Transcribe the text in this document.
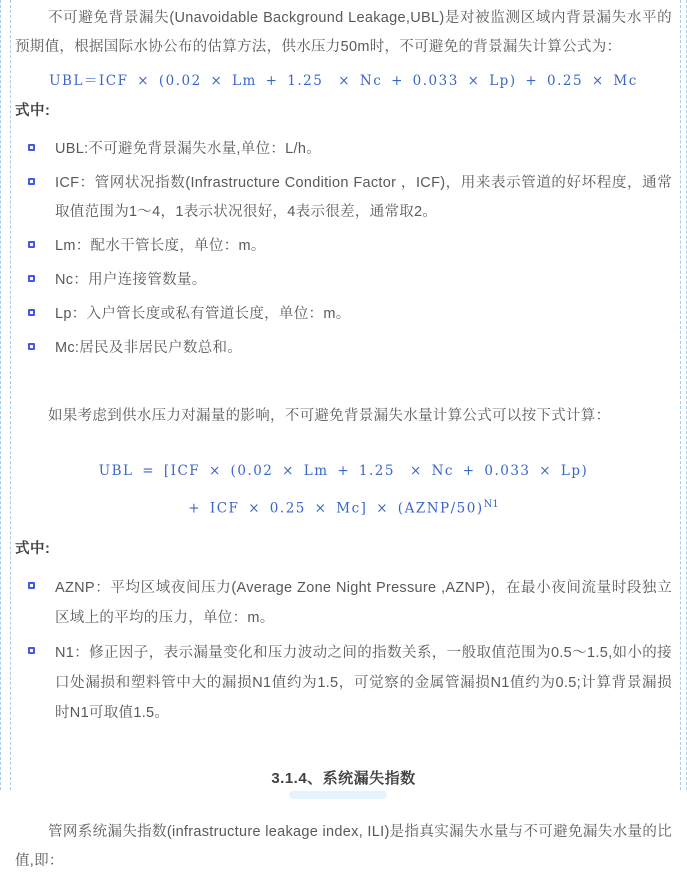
不可避免背景漏失(Unavoidable Background Leakage,UBL)是对被监测区域内背景漏失水平的预期值，根据国际水协公布的估算方法，供水压力50m时，不可避免的背景漏失计算公式为：

UBL＝ICF × (0.02 × Lm + 1.25　× Nc + 0.033 × Lp) + 0.25 × Mc

式中:

UBL:不可避免背景漏失水量,单位：L/h。
ICF：管网状况指数(Infrastructure Condition Factor ，ICF)，用来表示管道的好坏程度，通常取值范围为1～4，1表示状况很好，4表示很差，通常取2。
Lm：配水干管长度，单位：m。
Nc：用户连接管数量。
Lp：入户管长度或私有管道长度，单位：m。
Mc:居民及非居民户数总和。

如果考虑到供水压力对漏量的影响，不可避免背景漏失水量计算公式可以按下式计算：

UBL = [ICF × (0.02 × Lm + 1.25　× Nc + 0.033 × Lp)
+ ICF × 0.25 × Mc] × (AZNP/50)$^{N1}$

式中:

AZNP：平均区域夜间压力(Average Zone Night Pressure ,AZNP)，在最小夜间流量时段独立区域上的平均的压力，单位：m。
N1：修正因子，表示漏量变化和压力波动之间的指数关系，一般取值范围为0.5～1.5,如小的接口处漏损和塑料管中大的漏损N1值约为1.5，可觉察的金属管漏损N1值约为0.5;计算背景漏损时N1可取值1.5。
3.1.4、系统漏失指数

管网系统漏失指数(infrastructure leakage index, ILI)是指真实漏失水量与不可避免漏失水量的比值,即：
